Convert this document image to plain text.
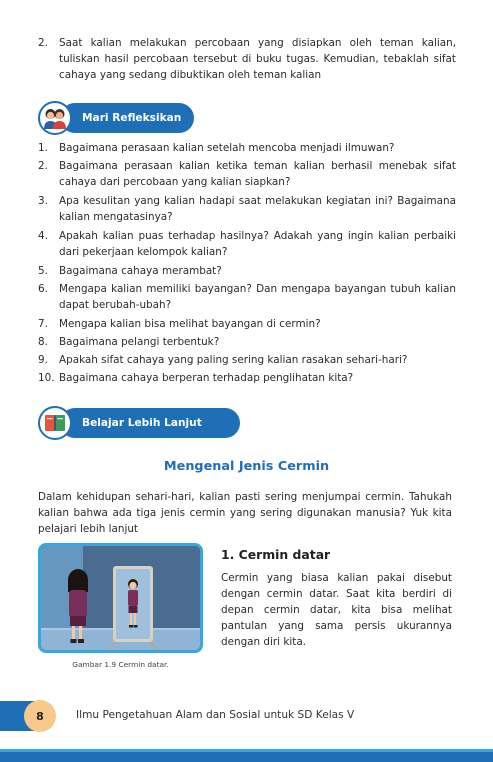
2.	Saat kalian melakukan percobaan yang disiapkan oleh teman kalian, tuliskan hasil percobaan tersebut di buku tugas. Kemudian, tebaklah sifat cahaya yang sedang dibuktikan oleh teman kalian
Mari Refleksikan
1.	Bagaimana perasaan kalian setelah mencoba menjadi ilmuwan?
2.	Bagaimana perasaan kalian ketika teman kalian berhasil menebak sifat cahaya dari percobaan yang kalian siapkan?
3.	Apa kesulitan yang kalian hadapi saat melakukan kegiatan ini? Bagaimana kalian mengatasinya?
4.	Apakah kalian puas terhadap hasilnya? Adakah yang ingin kalian perbaiki dari pekerjaan kelompok kalian?
5.	Bagaimana cahaya merambat?
6.	Mengapa kalian memiliki bayangan? Dan mengapa bayangan tubuh kalian dapat berubah-ubah?
7.	Mengapa kalian bisa melihat bayangan di cermin?
8.	Bagaimana pelangi terbentuk?
9.	Apakah sifat cahaya yang paling sering kalian rasakan sehari-hari?
10. Bagaimana cahaya berperan terhadap penglihatan kita?
Belajar Lebih Lanjut
Mengenal Jenis Cermin
Dalam kehidupan sehari-hari, kalian pasti sering menjumpai cermin. Tahukah kalian bahwa ada tiga jenis cermin yang sering digunakan manusia? Yuk kita pelajari lebih lanjut
Gambar 1.9 Cermin datar.
1. Cermin datar
Cermin yang biasa kalian pakai disebut dengan cermin datar. Saat kita berdiri di depan cermin datar, kita bisa melihat pantulan yang sama persis ukurannya dengan diri kita.
8	Ilmu Pengetahuan Alam dan Sosial untuk SD Kelas V
